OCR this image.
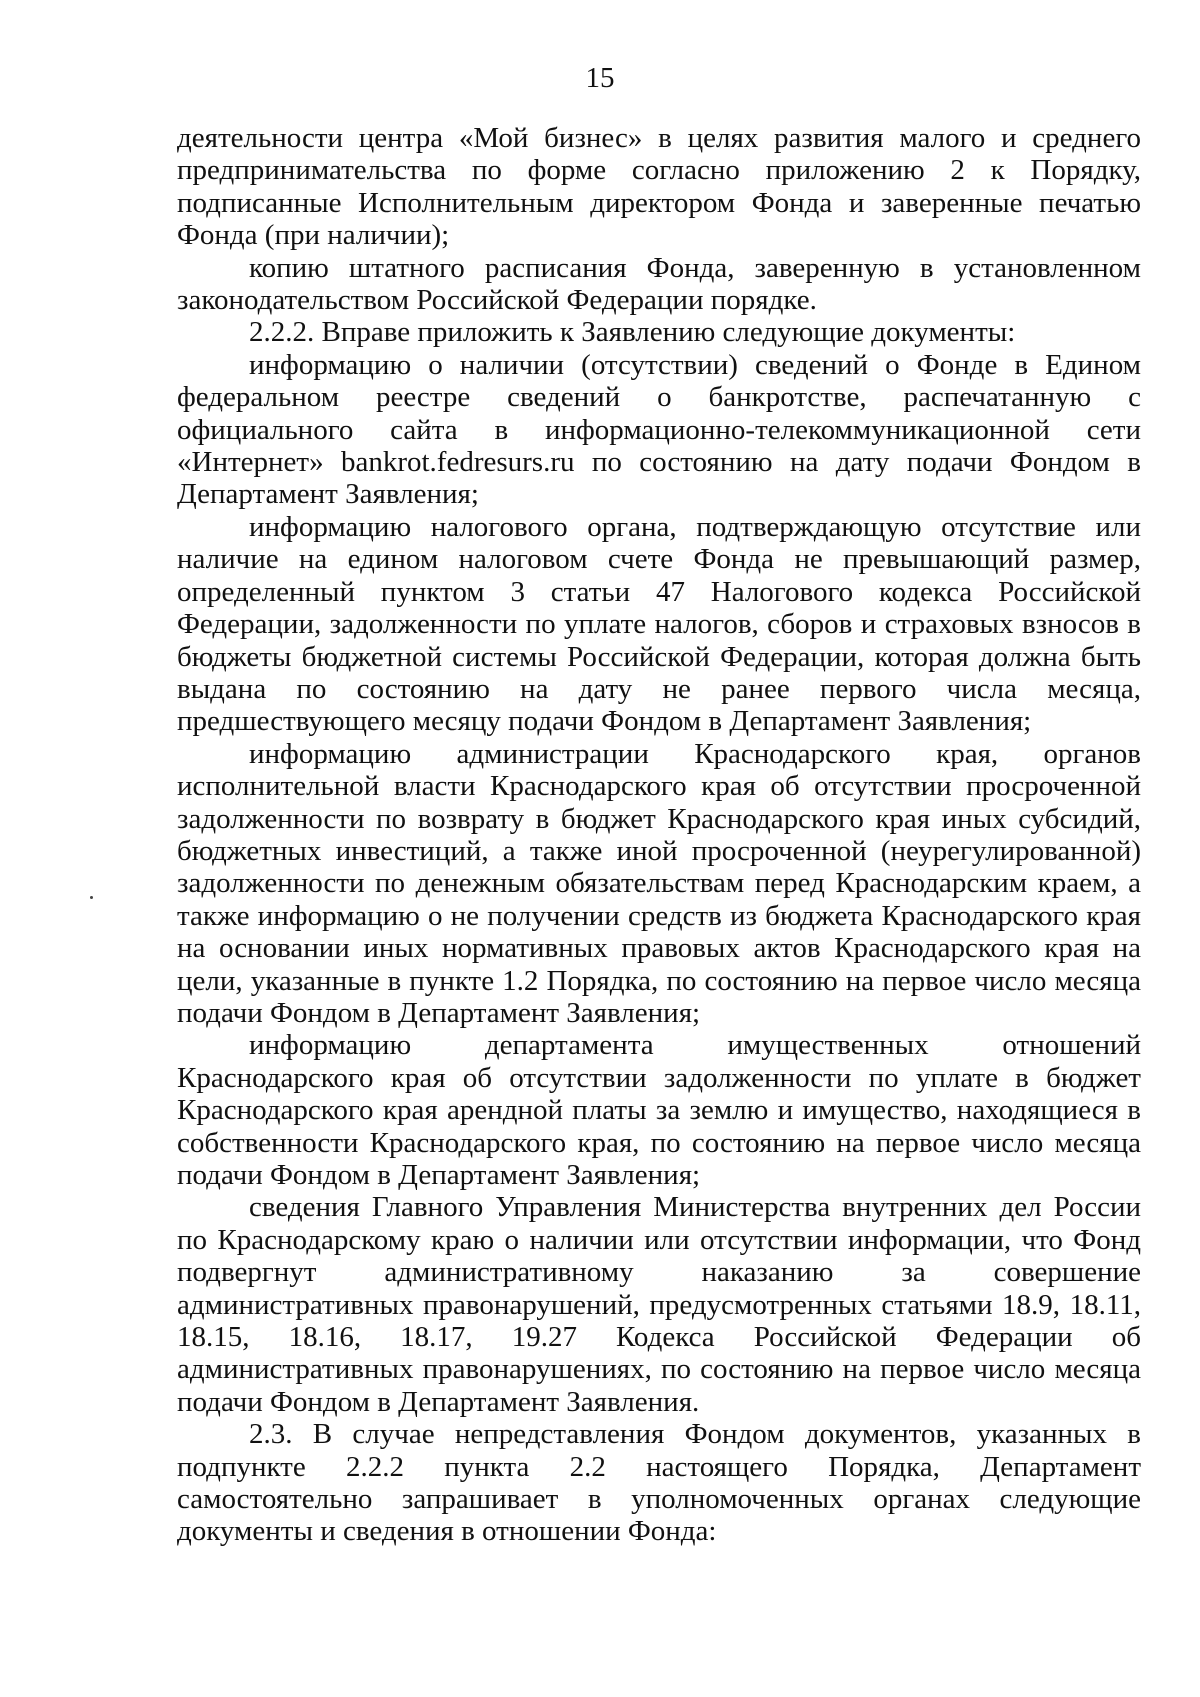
15

деятельности центра «Мой бизнес» в целях развития малого и среднего предпринимательства по форме согласно приложению 2 к Порядку, подписанные Исполнительным директором Фонда и заверенные печатью Фонда (при наличии);

копию штатного расписания Фонда, заверенную в установленном законодательством Российской Федерации порядке.

2.2.2. Вправе приложить к Заявлению следующие документы:

информацию о наличии (отсутствии) сведений о Фонде в Едином федеральном реестре сведений о банкротстве, распечатанную с официального сайта в информационно-телекоммуникационной сети «Интернет» bankrot.fedresurs.ru по состоянию на дату подачи Фондом в Департамент Заявления;

информацию налогового органа, подтверждающую отсутствие или наличие на едином налоговом счете Фонда не превышающий размер, определенный пунктом 3 статьи 47 Налогового кодекса Российской Федерации, задолженности по уплате налогов, сборов и страховых взносов в бюджеты бюджетной системы Российской Федерации, которая должна быть выдана по состоянию на дату не ранее первого числа месяца, предшествующего месяцу подачи Фондом в Департамент Заявления;

информацию администрации Краснодарского края, органов исполнительной власти Краснодарского края об отсутствии просроченной задолженности по возврату в бюджет Краснодарского края иных субсидий, бюджетных инвестиций, а также иной просроченной (неурегулированной) задолженности по денежным обязательствам перед Краснодарским краем, а также информацию о не получении средств из бюджета Краснодарского края на основании иных нормативных правовых актов Краснодарского края на цели, указанные в пункте 1.2 Порядка, по состоянию на первое число месяца подачи Фондом в Департамент Заявления;

информацию департамента имущественных отношений Краснодарского края об отсутствии задолженности по уплате в бюджет Краснодарского края арендной платы за землю и имущество, находящиеся в собственности Краснодарского края, по состоянию на первое число месяца подачи Фондом в Департамент Заявления;

сведения Главного Управления Министерства внутренних дел России по Краснодарскому краю о наличии или отсутствии информации, что Фонд подвергнут административному наказанию за совершение административных правонарушений, предусмотренных статьями 18.9, 18.11, 18.15, 18.16, 18.17, 19.27 Кодекса Российской Федерации об административных правонарушениях, по состоянию на первое число месяца подачи Фондом в Департамент Заявления.

2.3. В случае непредставления Фондом документов, указанных в подпункте 2.2.2 пункта 2.2 настоящего Порядка, Департамент самостоятельно запрашивает в уполномоченных органах следующие документы и сведения в отношении Фонда:
